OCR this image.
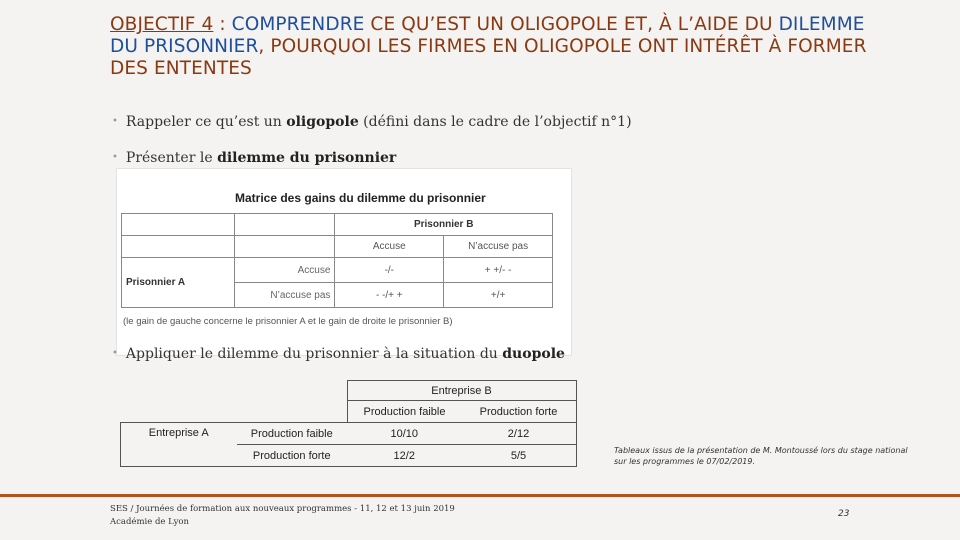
OBJECTIF 4 : COMPRENDRE CE QU’EST UN OLIGOPOLE ET, À L’AIDE DU DILEMME DU PRISONNIER, POURQUOI LES FIRMES EN OLIGOPOLE ONT INTÉRÊT À FORMER DES ENTENTES
• Rappeler ce qu’est un oligopole (défini dans le cadre de l’objectif n°1)
• Présenter le dilemme du prisonnier
Matrice des gains du dilemme du prisonnier
		Prisonnier B	
		Accuse	N’accuse pas
Prisonnier A	Accuse	-/-	+ +/- -
	N’accuse pas	- -/+ +	+/+
(le gain de gauche concerne le prisonnier A et le gain de droite le prisonnier B)
• Appliquer le dilemme du prisonnier à la situation du duopole
		Entreprise B	
		Production faible	Production forte
Entreprise A	Production faible	10/10	2/12
	Production forte	12/2	5/5	Tableaux issus de la présentation de M. Montoussé lors du stage national sur les programmes le 07/02/2019.
SES / Journées de formation aux nouveaux programmes - 11, 12 et 13 juin 2019
Académie de Lyon
23
